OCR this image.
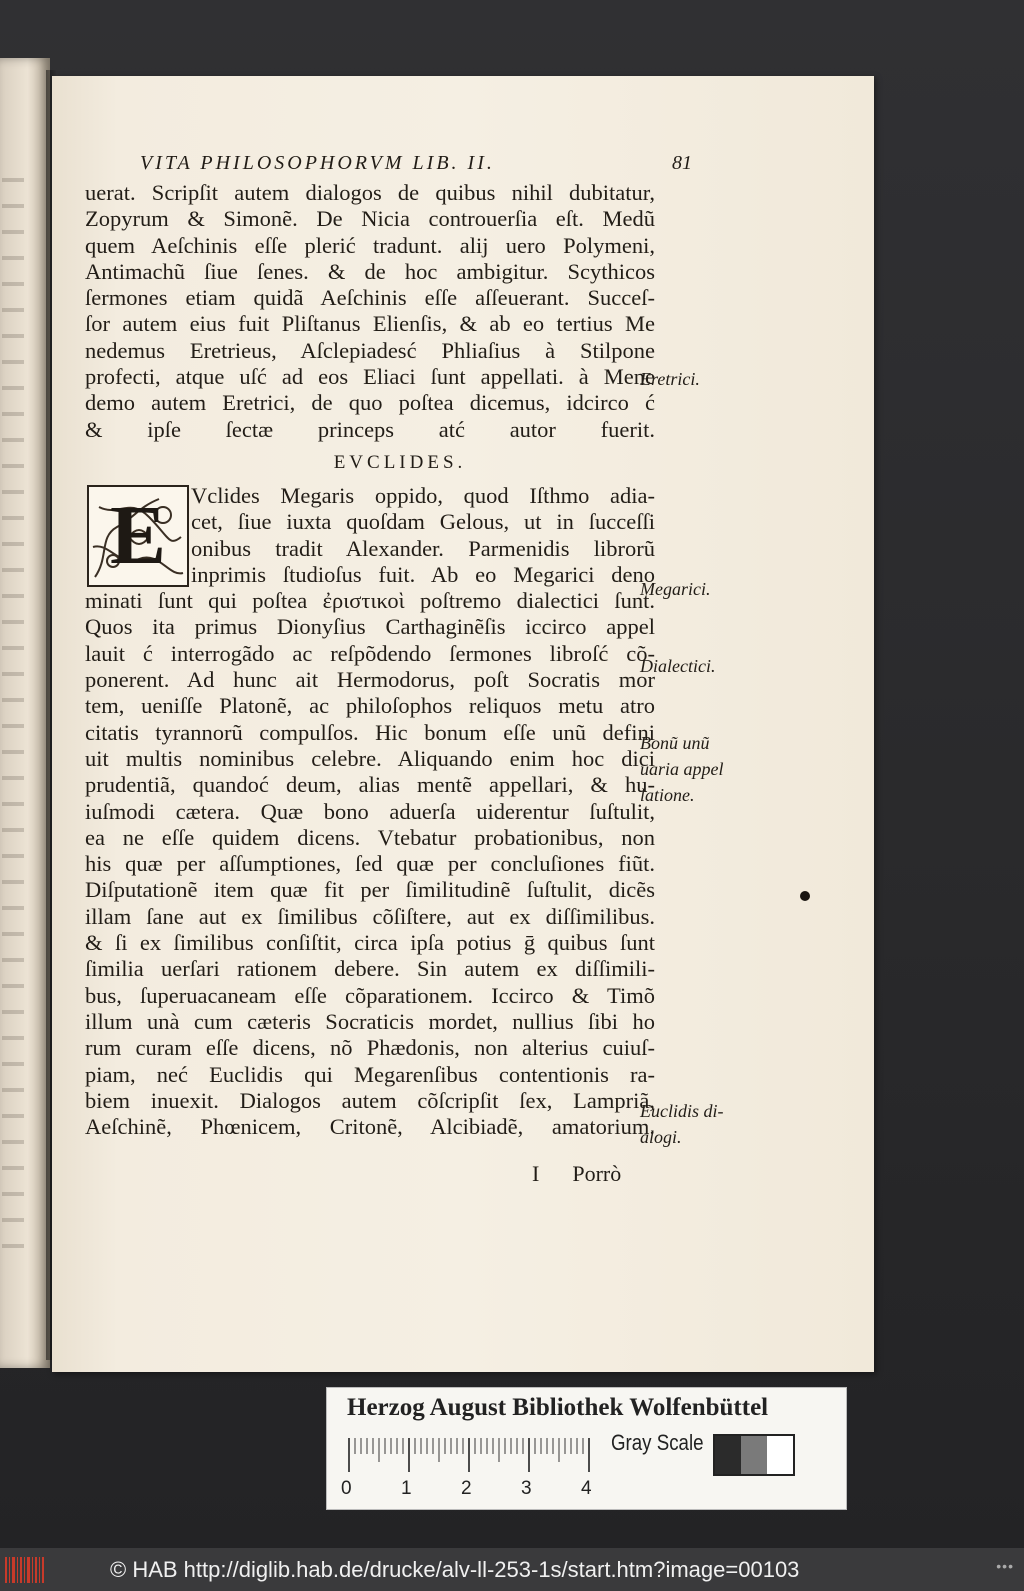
VITA PHILOSOPHORVM LIB. II.	81
uerat. Scripſit autem dialogos de quibus nihil dubitatur,
Zopyrum & Simonẽ. De Nicia controuerſia eſt. Medũ
quem Aeſchinis eſſe plerić tradunt. alij uero Polymeni,
Antimachũ ſiue ſenes. & de hoc ambigitur. Scythicos
ſermones etiam quidã Aeſchinis eſſe aſſeuerant. Succeſ-
ſor autem eius fuit Pliſtanus Elienſis, & ab eo tertius Me
nedemus Eretrieus, Aſclepiadesć Phliaſius à Stilpone
profecti, atque uſć ad eos Eliaci ſunt appellati. à Mene
demo autem Eretrici, de quo poſtea dicemus, idcirco ć
& ipſe ſectæ princeps atć autor fuerit.
EVCLIDES.
E	Vclides Megaris oppido, quod Iſthmo adia-
cet, ſiue iuxta quoſdam Gelous, ut in ſucceſſi
onibus tradit Alexander. Parmenidis librorũ
inprimis ſtudioſus fuit. Ab eo Megarici deno
minati ſunt qui poſtea ἐριστικοὶ poſtremo dialectici ſunt.
Quos ita primus Dionyſius Carthaginẽſis iccirco appel
lauit ć interrogãdo ac reſpõdendo ſermones libroſć cõ-
ponerent. Ad hunc ait Hermodorus, poſt Socratis mor
tem, ueniſſe Platonẽ, ac philoſophos reliquos metu atro
citatis tyrannorũ compulſos. Hic bonum eſſe unũ defini
uit multis nominibus celebre. Aliquando enim hoc dici
prudentiã, quandoć deum, alias mentẽ appellari, & hu-
iuſmodi cætera. Quæ bono aduerſa uiderentur ſuſtulit,
ea ne eſſe quidem dicens. Vtebatur probationibus, non
his quæ per aſſumptiones, ſed quæ per concluſiones fiũt.
Diſputationẽ item quæ fit per ſimilitudinẽ ſuſtulit, dicẽs
illam ſane aut ex ſimilibus cõſiſtere, aut ex diſſimilibus.
& ſi ex ſimilibus conſiſtit, circa ipſa potius ḡ quibus ſunt
ſimilia uerſari rationem debere. Sin autem ex diſſimili-
bus, ſuperuacaneam eſſe cõparationem. Iccirco & Timõ
illum unà cum cæteris Socraticis mordet, nullius ſibi ho
rum curam eſſe dicens, nõ Phædonis, non alterius cuiuſ-
piam, neć Euclidis qui Megarenſibus contentionis ra-
biem inuexit. Dialogos autem cõſcripſit ſex, Lampriã,
Aeſchinẽ, Phœnicem, Critonẽ, Alcibiadẽ, amatorium.
Eretrici.
Megarici.
Dialectici.
Bonũ unũ
uaria appel
latione.
Euclidis di-
alogi.
I Porrò
Herzog August Bibliothek Wolfenbüttel
0	1	2	3	4
Gray Scale
© HAB http://diglib.hab.de/drucke/alv-ll-253-1s/start.htm?image=00103	•••
